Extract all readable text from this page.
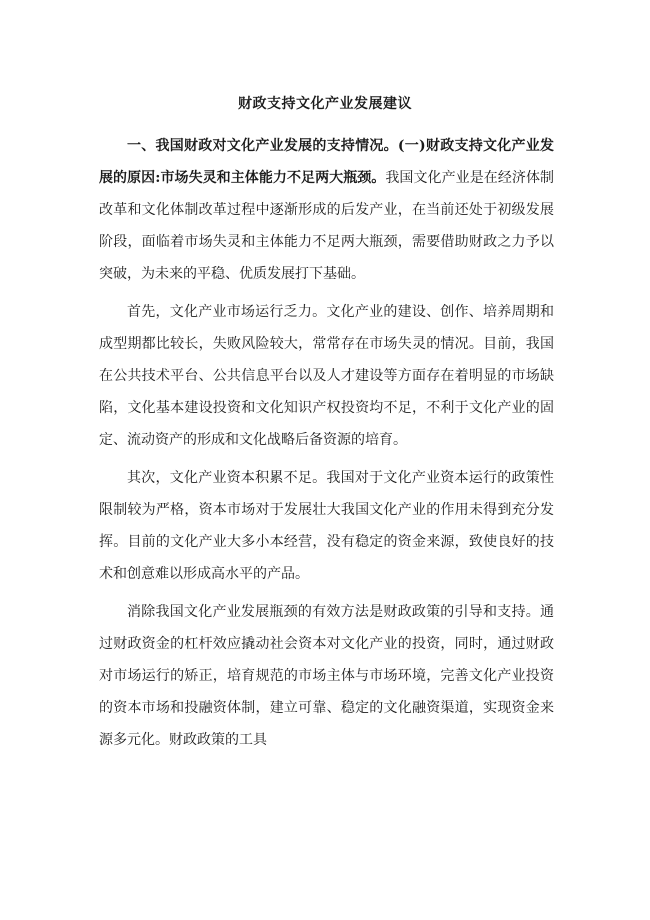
财政支持文化产业发展建议

一、我国财政对文化产业发展的支持情况。(一)财政支持文化产业发展的原因:市场失灵和主体能力不足两大瓶颈。我国文化产业是在经济体制改革和文化体制改革过程中逐渐形成的后发产业，在当前还处于初级发展阶段，面临着市场失灵和主体能力不足两大瓶颈，需要借助财政之力予以突破，为未来的平稳、优质发展打下基础。

首先，文化产业市场运行乏力。文化产业的建设、创作、培养周期和成型期都比较长，失败风险较大，常常存在市场失灵的情况。目前，我国在公共技术平台、公共信息平台以及人才建设等方面存在着明显的市场缺陷，文化基本建设投资和文化知识产权投资均不足，不利于文化产业的固定、流动资产的形成和文化战略后备资源的培育。

其次，文化产业资本积累不足。我国对于文化产业资本运行的政策性限制较为严格，资本市场对于发展壮大我国文化产业的作用未得到充分发挥。目前的文化产业大多小本经营，没有稳定的资金来源，致使良好的技术和创意难以形成高水平的产品。

消除我国文化产业发展瓶颈的有效方法是财政政策的引导和支持。通过财政资金的杠杆效应撬动社会资本对文化产业的投资，同时，通过财政对市场运行的矫正，培育规范的市场主体与市场环境，完善文化产业投资的资本市场和投融资体制，建立可靠、稳定的文化融资渠道，实现资金来源多元化。财政政策的工具
